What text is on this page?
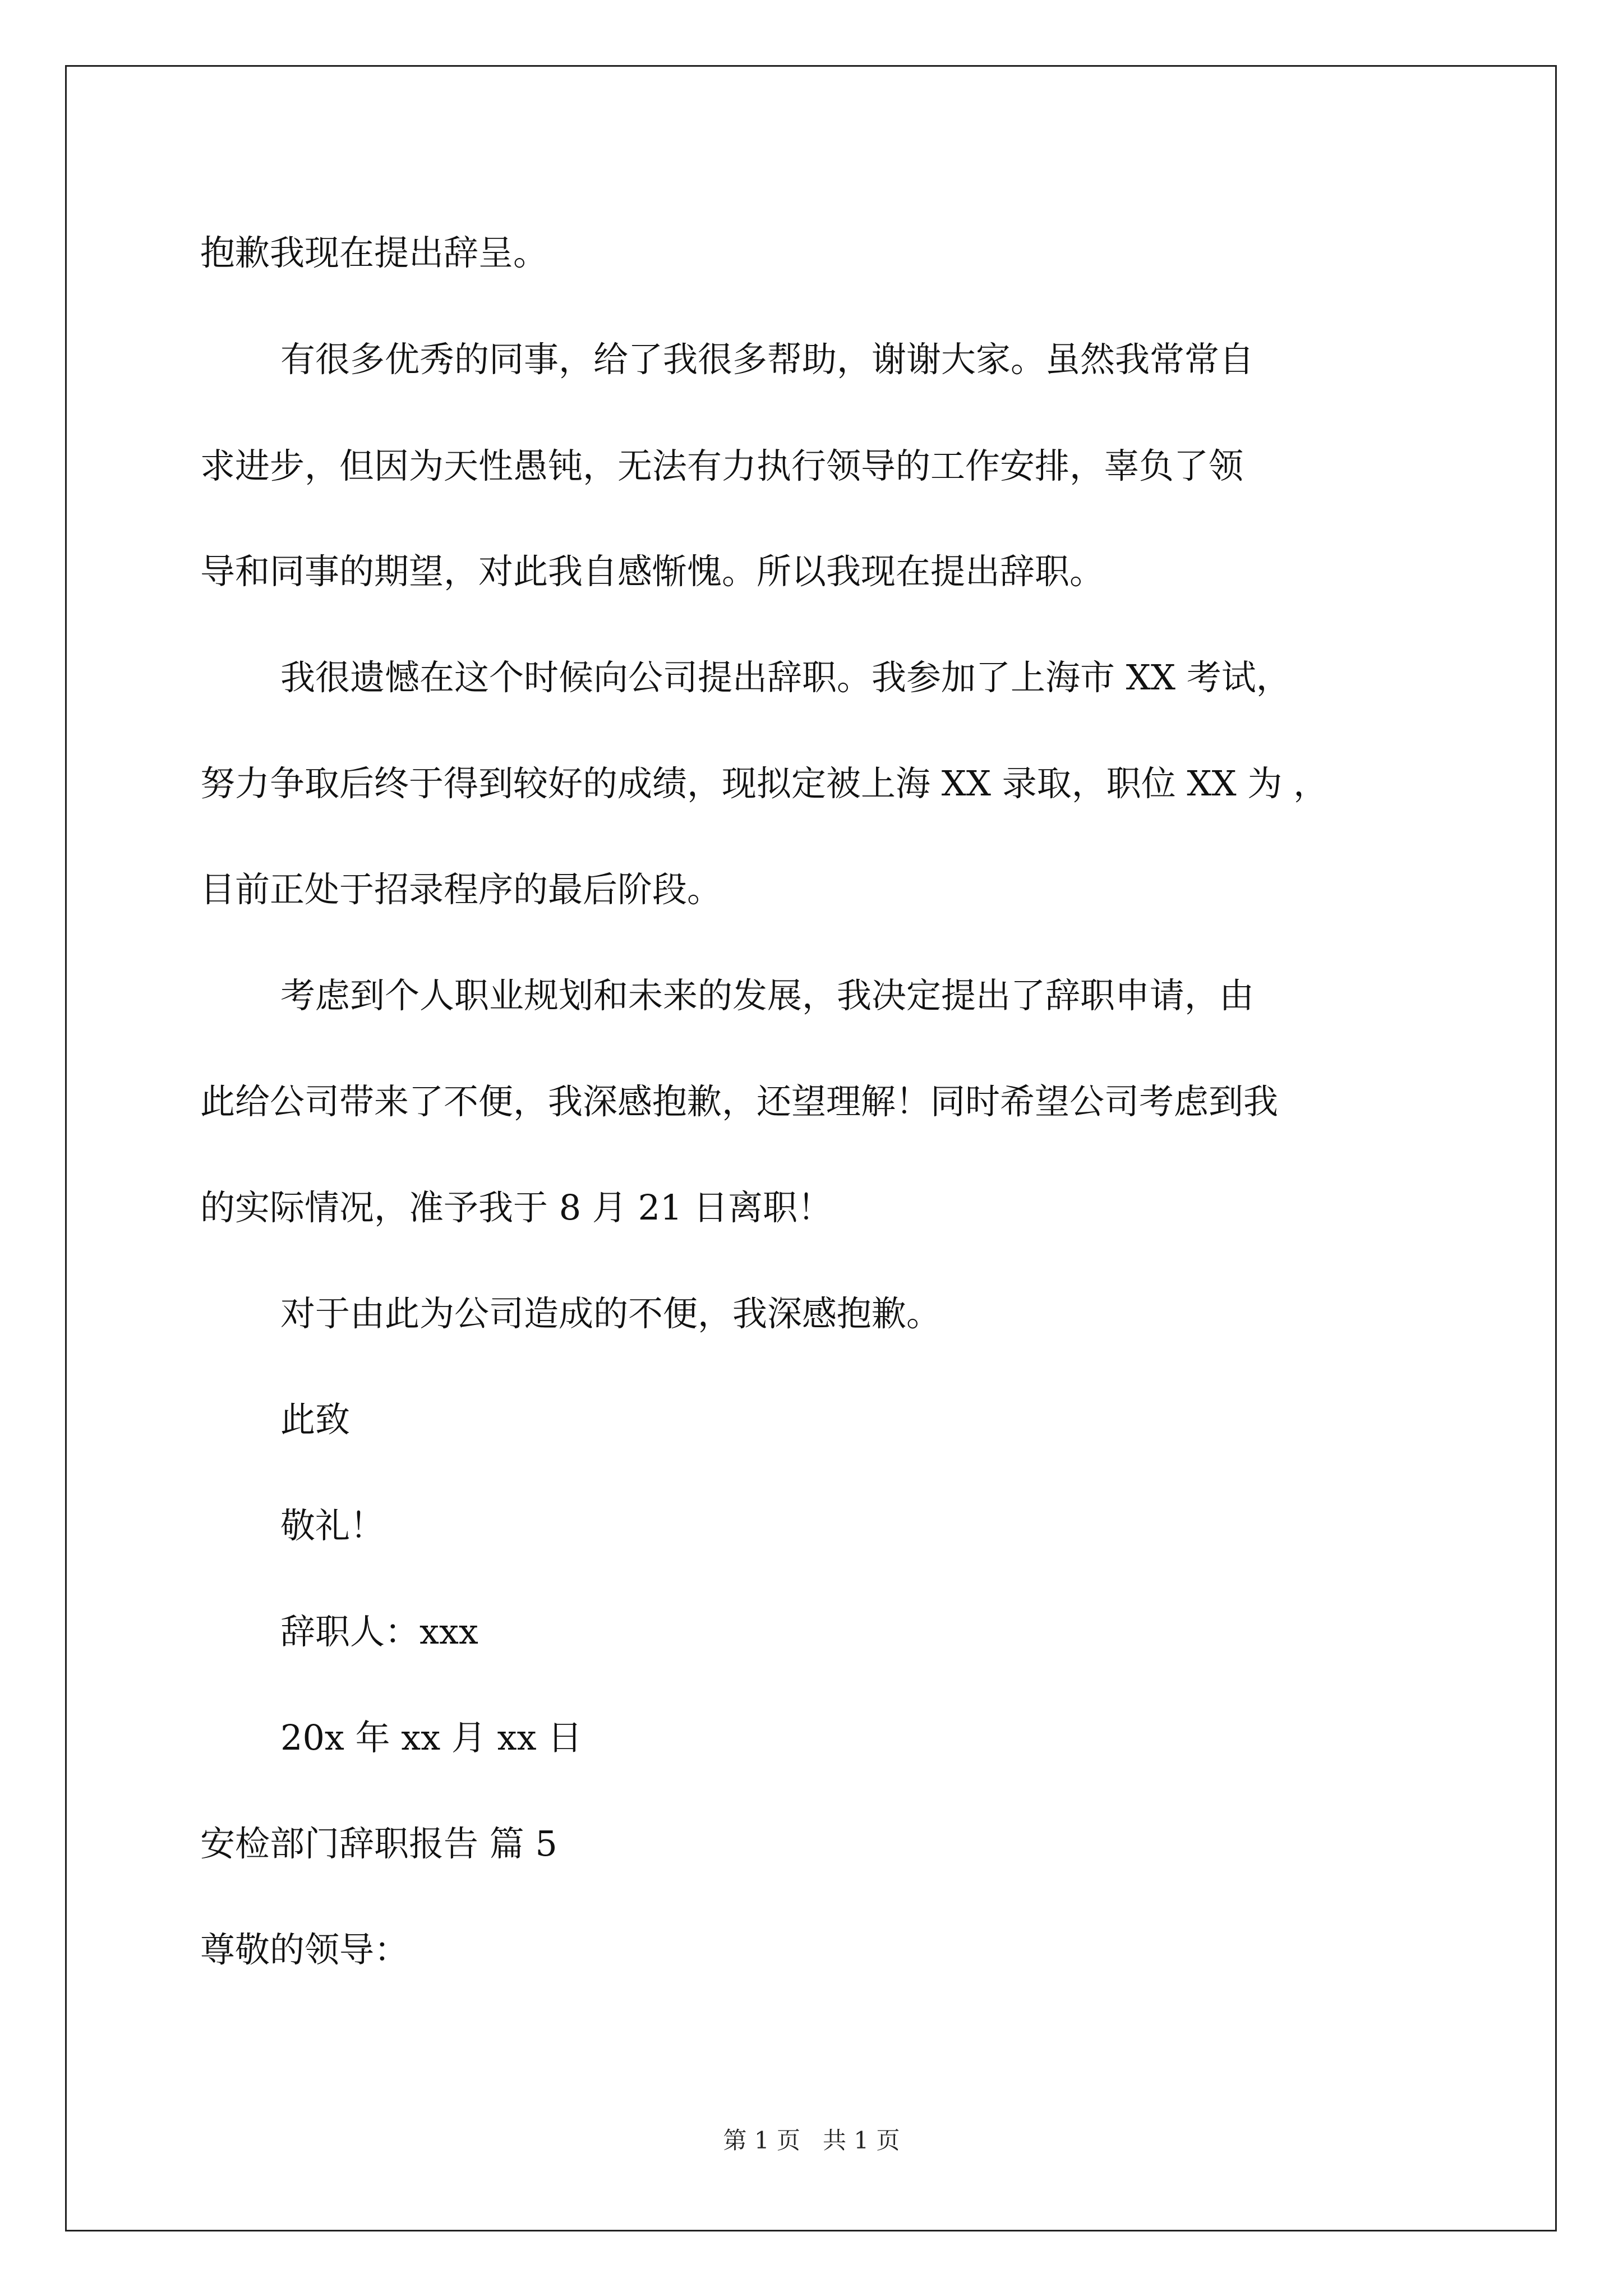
抱歉我现在提出辞呈。
有很多优秀的同事，给了我很多帮助，谢谢大家。虽然我常常自
求进步，但因为天性愚钝，无法有力执行领导的工作安排，辜负了领
导和同事的期望，对此我自感惭愧。所以我现在提出辞职。
我很遗憾在这个时候向公司提出辞职。我参加了上海市 XX 考试，
努力争取后终于得到较好的成绩，现拟定被上海 XX 录取，职位 XX 为 ，
目前正处于招录程序的最后阶段。
考虑到个人职业规划和未来的发展，我决定提出了辞职申请，由
此给公司带来了不便，我深感抱歉，还望理解！同时希望公司考虑到我
的实际情况，准予我于 8 月 21 日离职！
对于由此为公司造成的不便，我深感抱歉。
此致
敬礼！
辞职人：xxx
20x 年 xx 月 xx 日
安检部门辞职报告 篇 5
尊敬的领导：
第 1 页   共 1 页
